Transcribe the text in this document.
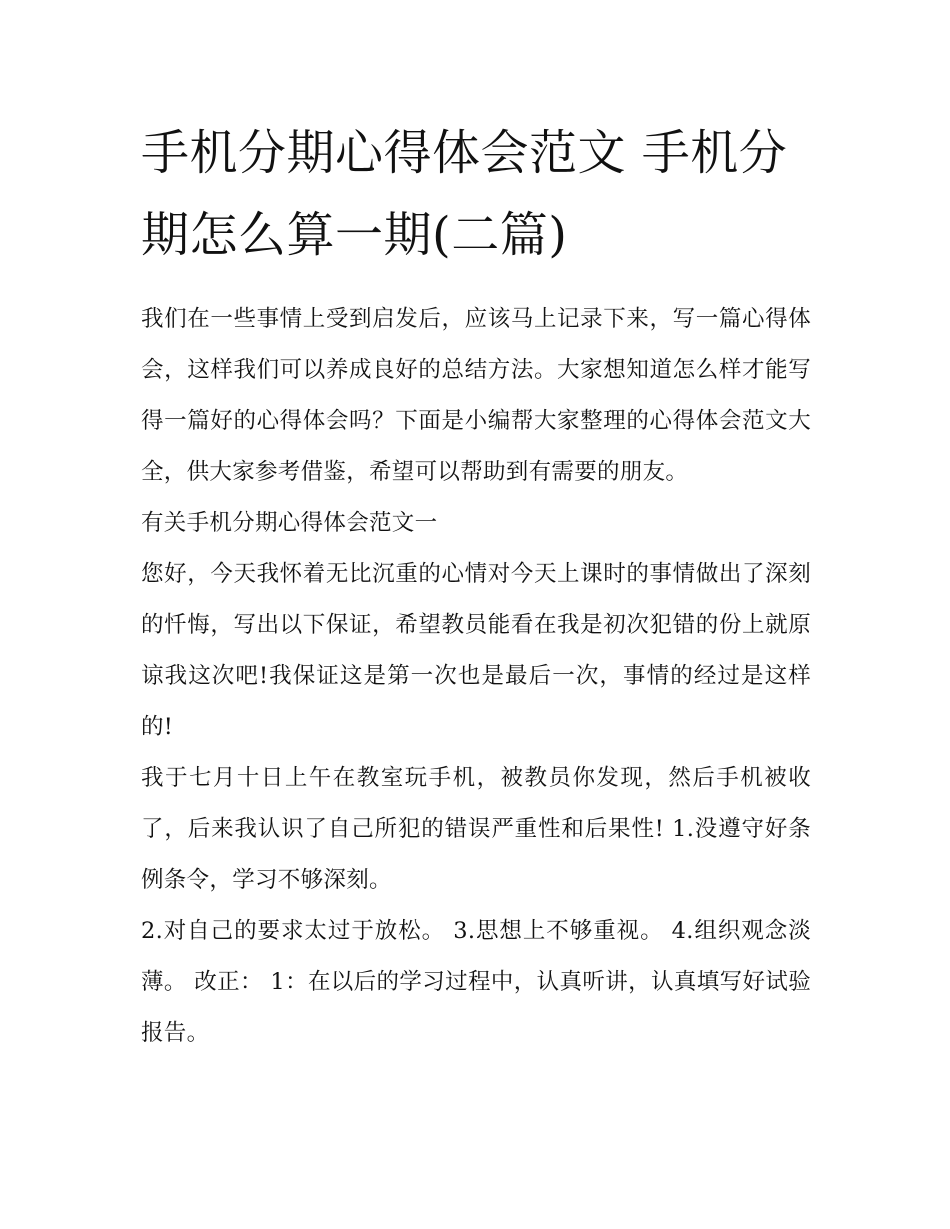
手机分期心得体会范文 手机分期怎么算一期(二篇)

我们在一些事情上受到启发后，应该马上记录下来，写一篇心得体会，这样我们可以养成良好的总结方法。大家想知道怎么样才能写得一篇好的心得体会吗？下面是小编帮大家整理的心得体会范文大全，供大家参考借鉴，希望可以帮助到有需要的朋友。

有关手机分期心得体会范文一

您好，今天我怀着无比沉重的心情对今天上课时的事情做出了深刻的忏悔，写出以下保证，希望教员能看在我是初次犯错的份上就原谅我这次吧!我保证这是第一次也是最后一次，事情的经过是这样的!

我于七月十日上午在教室玩手机，被教员你发现，然后手机被收了，后来我认识了自己所犯的错误严重性和后果性! 1.没遵守好条例条令，学习不够深刻。

2.对自己的要求太过于放松。 3.思想上不够重视。 4.组织观念淡薄。 改正： 1：在以后的学习过程中，认真听讲，认真填写好试验报告。
